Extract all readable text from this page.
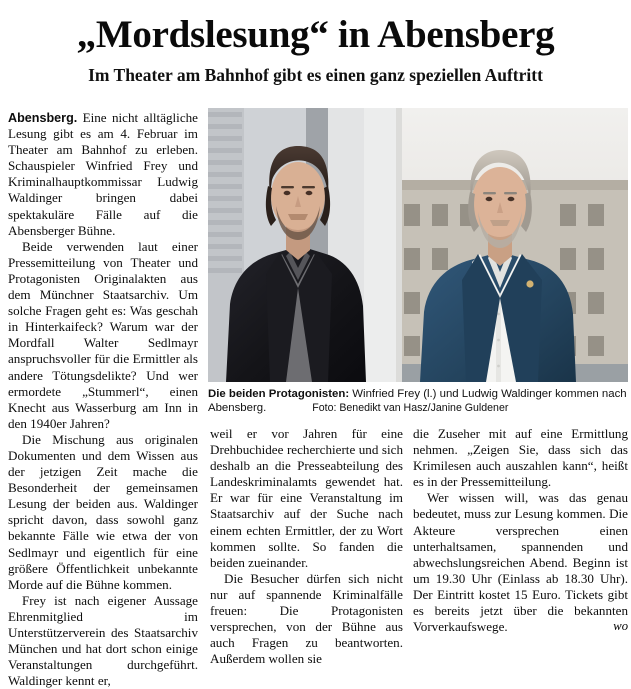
„Mordslesung“ in Abensberg
Im Theater am Bahnhof gibt es einen ganz speziellen Auftritt

Abensberg. Eine nicht alltägliche Lesung gibt es am 4. Februar im Theater am Bahnhof zu erleben. Schauspieler Winfried Frey und Kriminalhauptkommissar Ludwig Waldinger bringen dabei spektakuläre Fälle auf die Abensberger Bühne.

Beide verwenden laut einer Pressemitteilung von Theater und Protagonisten Originalakten aus dem Münchner Staatsarchiv. Um solche Fragen geht es: Was geschah in Hinterkaifeck? Warum war der Mordfall Walter Sedlmayr anspruchsvoller für die Ermittler als andere Tötungsdelikte? Und wer ermordete „Stummerl“, einen Knecht aus Wasserburg am Inn in den 1940er Jahren?

Die Mischung aus originalen Dokumenten und dem Wissen aus der jetzigen Zeit mache die Besonderheit der gemeinsamen Lesung der beiden aus. Waldinger spricht davon, dass sowohl ganz bekannte Fälle wie etwa der von Sedlmayr und eigentlich für eine größere Öffentlichkeit unbekannte Morde auf die Bühne kommen.

Frey ist nach eigener Aussage Ehrenmitglied im Unterstützerverein des Staatsarchiv München und hat dort schon einige Veranstaltungen durchgeführt. Waldinger kennt er,

Die beiden Protagonisten: Winfried Frey (l.) und Ludwig Waldinger kommen nach Abensberg.	Foto: Benedikt van Hasz/Janine Guldener

weil er vor Jahren für eine Drehbuchidee recherchierte und sich deshalb an die Presseabteilung des Landeskriminalamts gewendet hat. Er war für eine Veranstaltung im Staatsarchiv auf der Suche nach einem echten Ermittler, der zu Wort kommen sollte. So fanden die beiden zueinander.

Die Besucher dürfen sich nicht nur auf spannende Kriminalfälle freuen: Die Protagonisten versprechen, von der Bühne aus auch Fragen zu beantworten. Außerdem wollen sie

die Zuseher mit auf eine Ermittlung nehmen. „Zeigen Sie, dass sich das Krimilesen auch auszahlen kann“, heißt es in der Pressemitteilung.

Wer wissen will, was das genau bedeutet, muss zur Lesung kommen. Die Akteure versprechen einen unterhaltsamen, spannenden und abwechslungsreichen Abend. Beginn ist um 19.30 Uhr (Einlass ab 18.30 Uhr). Der Eintritt kostet 15 Euro. Tickets gibt es bereits jetzt über die bekannten Vorverkaufswege.	wo
